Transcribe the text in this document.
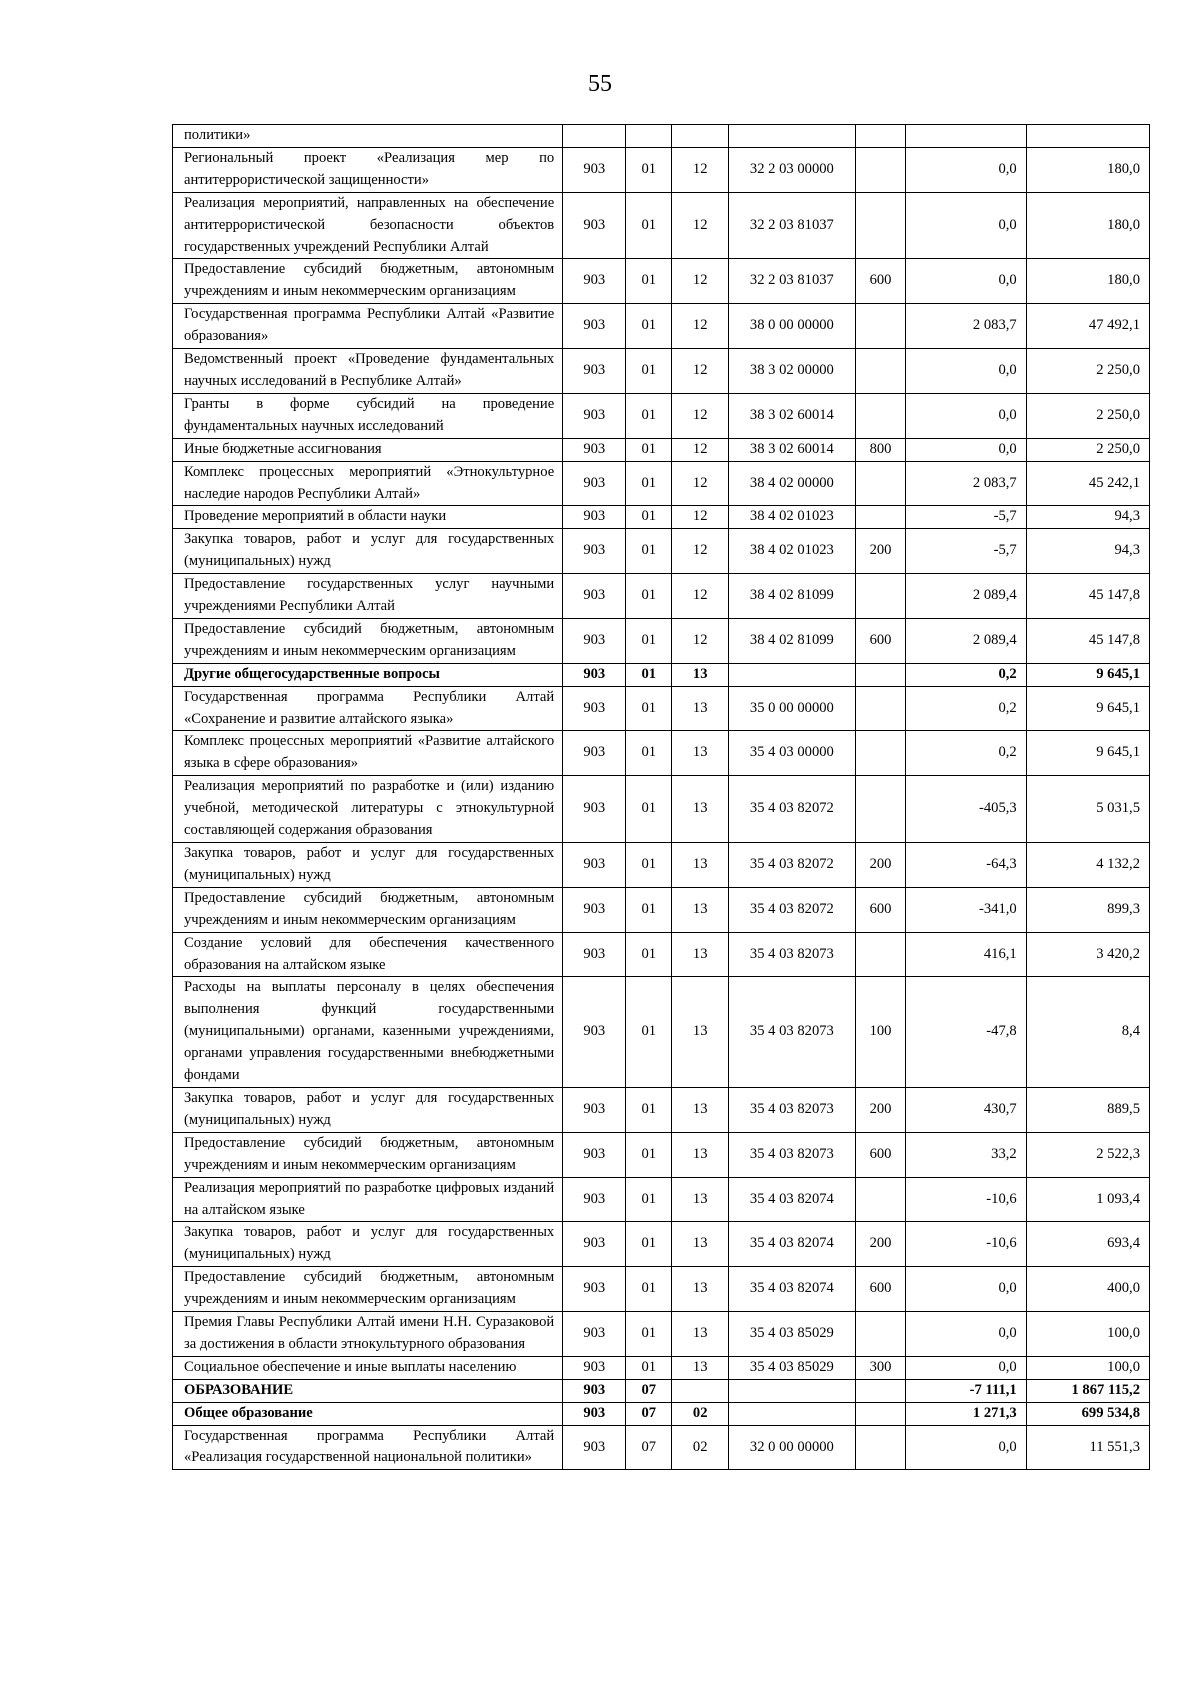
55
политики»							
Региональный проект «Реализация мер по антитеррористической защищенности»	903	01	12	32 2 03 00000		0,0	180,0
Реализация мероприятий, направленных на обеспечение антитеррористической безопасности объектов государственных учреждений Республики Алтай	903	01	12	32 2 03 81037		0,0	180,0
Предоставление субсидий бюджетным, автономным учреждениям и иным некоммерческим организациям	903	01	12	32 2 03 81037	600	0,0	180,0
Государственная программа Республики Алтай «Развитие образования»	903	01	12	38 0 00 00000		2 083,7	47 492,1
Ведомственный проект «Проведение фундаментальных научных исследований в Республике Алтай»	903	01	12	38 3 02 00000		0,0	2 250,0
Гранты в форме субсидий на проведение фундаментальных научных исследований	903	01	12	38 3 02 60014		0,0	2 250,0
Иные бюджетные ассигнования	903	01	12	38 3 02 60014	800	0,0	2 250,0
Комплекс процессных мероприятий «Этнокультурное наследие народов Республики Алтай»	903	01	12	38 4 02 00000		2 083,7	45 242,1
Проведение мероприятий в области науки	903	01	12	38 4 02 01023		-5,7	94,3
Закупка товаров, работ и услуг для государственных (муниципальных) нужд	903	01	12	38 4 02 01023	200	-5,7	94,3
Предоставление государственных услуг научными учреждениями Республики Алтай	903	01	12	38 4 02 81099		2 089,4	45 147,8
Предоставление субсидий бюджетным, автономным учреждениям и иным некоммерческим организациям	903	01	12	38 4 02 81099	600	2 089,4	45 147,8
Другие общегосударственные вопросы	903	01	13			0,2	9 645,1
Государственная программа Республики Алтай «Сохранение и развитие алтайского языка»	903	01	13	35 0 00 00000		0,2	9 645,1
Комплекс процессных мероприятий «Развитие алтайского языка в сфере образования»	903	01	13	35 4 03 00000		0,2	9 645,1
Реализация мероприятий по разработке и (или) изданию учебной, методической литературы с этнокультурной составляющей содержания образования	903	01	13	35 4 03 82072		-405,3	5 031,5
Закупка товаров, работ и услуг для государственных (муниципальных) нужд	903	01	13	35 4 03 82072	200	-64,3	4 132,2
Предоставление субсидий бюджетным, автономным учреждениям и иным некоммерческим организациям	903	01	13	35 4 03 82072	600	-341,0	899,3
Создание условий для обеспечения качественного образования на алтайском языке	903	01	13	35 4 03 82073		416,1	3 420,2
Расходы на выплаты персоналу в целях обеспечения выполнения функций государственными (муниципальными) органами, казенными учреждениями, органами управления государственными внебюджетными фондами	903	01	13	35 4 03 82073	100	-47,8	8,4
Закупка товаров, работ и услуг для государственных (муниципальных) нужд	903	01	13	35 4 03 82073	200	430,7	889,5
Предоставление субсидий бюджетным, автономным учреждениям и иным некоммерческим организациям	903	01	13	35 4 03 82073	600	33,2	2 522,3
Реализация мероприятий по разработке цифровых изданий на алтайском языке	903	01	13	35 4 03 82074		-10,6	1 093,4
Закупка товаров, работ и услуг для государственных (муниципальных) нужд	903	01	13	35 4 03 82074	200	-10,6	693,4
Предоставление субсидий бюджетным, автономным учреждениям и иным некоммерческим организациям	903	01	13	35 4 03 82074	600	0,0	400,0
Премия Главы Республики Алтай имени Н.Н. Суразаковой за достижения в области этнокультурного образования	903	01	13	35 4 03 85029		0,0	100,0
Социальное обеспечение и иные выплаты населению	903	01	13	35 4 03 85029	300	0,0	100,0
ОБРАЗОВАНИЕ	903	07				-7 111,1	1 867 115,2
Общее образование	903	07	02			1 271,3	699 534,8
Государственная программа Республики Алтай «Реализация государственной национальной политики»	903	07	02	32 0 00 00000		0,0	11 551,3
